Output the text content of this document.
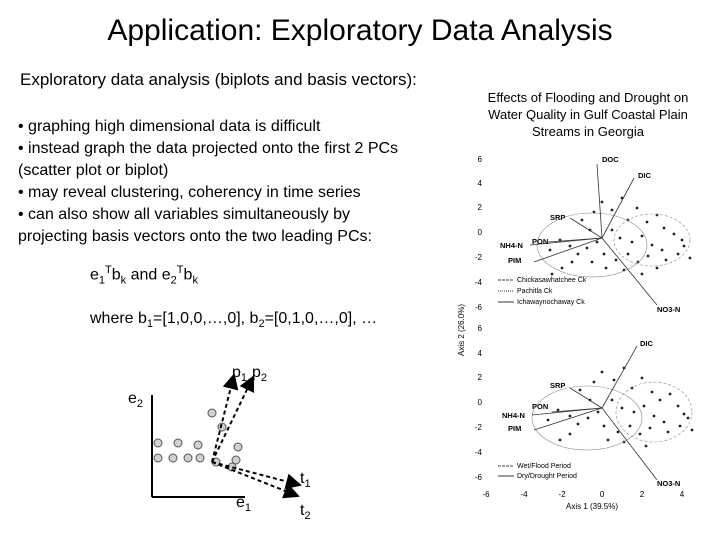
Application: Exploratory Data Analysis
Exploratory data analysis (biplots and basis vectors):
• graphing high dimensional data is difficult
• instead graph the data projected onto the first 2 PCs
(scatter plot or biplot)
• may reveal clustering, coherency in time series
• can also show all variables simultaneously by
projecting basis vectors onto the two leading PCs:
$e_1^Tb_k$ and $e_2^Tb_k$
where $b_1=[1,0,0,\dots,0]$, $b_2=[0,1,0,\dots,0]$, …
$p_1$ $p_2$
$e_2$
$e_1$
$t_1$
$t_2$
Effects of Flooding and Drought on Water Quality in Gulf Coastal Plain Streams in Georgia
Axis 2 (26.0%)
6
4
2
0
-2
-4
-6
DOC
DIC
SRP
NH4-N PON
PIM
NO3-N
Chickasawhatchee Ck
Pachitla Ck
Ichawaynochaway Ck
6
4
2
0
-2
-4
-6
DIC
SRP
NH4-N
PON
PIM
NO3-N
Wet/Flood Period
Dry/Drought Period
-6	-4	-2	0	2	4
Axis 1 (39.5%)
